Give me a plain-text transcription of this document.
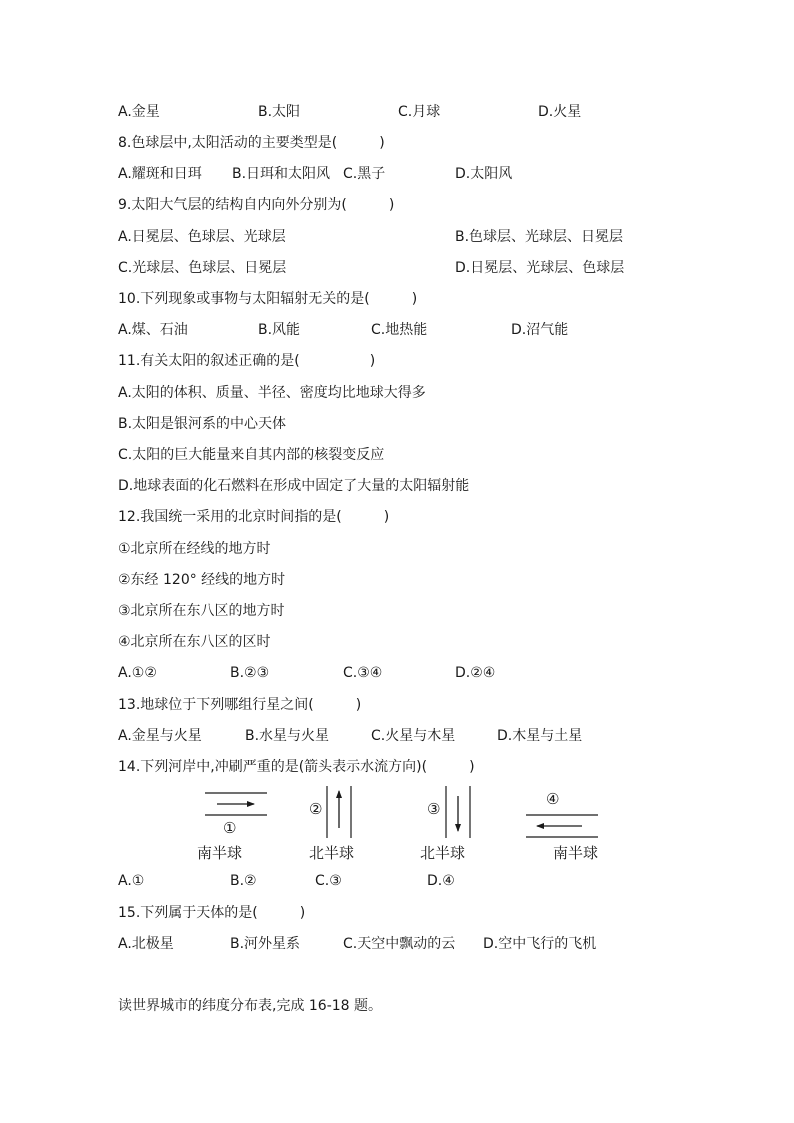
A.金星	B.太阳	C.月球	D.火星
8.色球层中,太阳活动的主要类型是(　　　)
A.耀斑和日珥 B.日珥和太阳风 C.黑子	D.太阳风
9.太阳大气层的结构自内向外分别为(　　　)
A.日冕层、色球层、光球层	B.色球层、光球层、日冕层
C.光球层、色球层、日冕层	D.日冕层、光球层、色球层
10.下列现象或事物与太阳辐射无关的是(　　　)
A.煤、石油	B.风能	C.地热能	D.沼气能
11.有关太阳的叙述正确的是(　　　　　)
A.太阳的体积、质量、半径、密度均比地球大得多
B.太阳是银河系的中心天体
C.太阳的巨大能量来自其内部的核裂变反应
D.地球表面的化石燃料在形成中固定了大量的太阳辐射能
12.我国统一采用的北京时间指的是(　　　)
①北京所在经线的地方时
②东经 120° 经线的地方时
③北京所在东八区的地方时
④北京所在东八区的区时
A.①②	B.②③	C.③④	D.②④
13.地球位于下列哪组行星之间(　　　)
A.金星与火星	B.水星与火星	C.火星与木星	D.木星与土星
14.下列河岸中,冲刷严重的是(箭头表示水流方向)(　　　)
①
南半球
②
北半球
③
北半球
④
南半球
A.①	B.②	C.③	D.④
15.下列属于天体的是(　　　)
A.北极星	B.河外星系	C.天空中飘动的云 D.空中飞行的飞机
读世界城市的纬度分布表,完成 16-18 题。
